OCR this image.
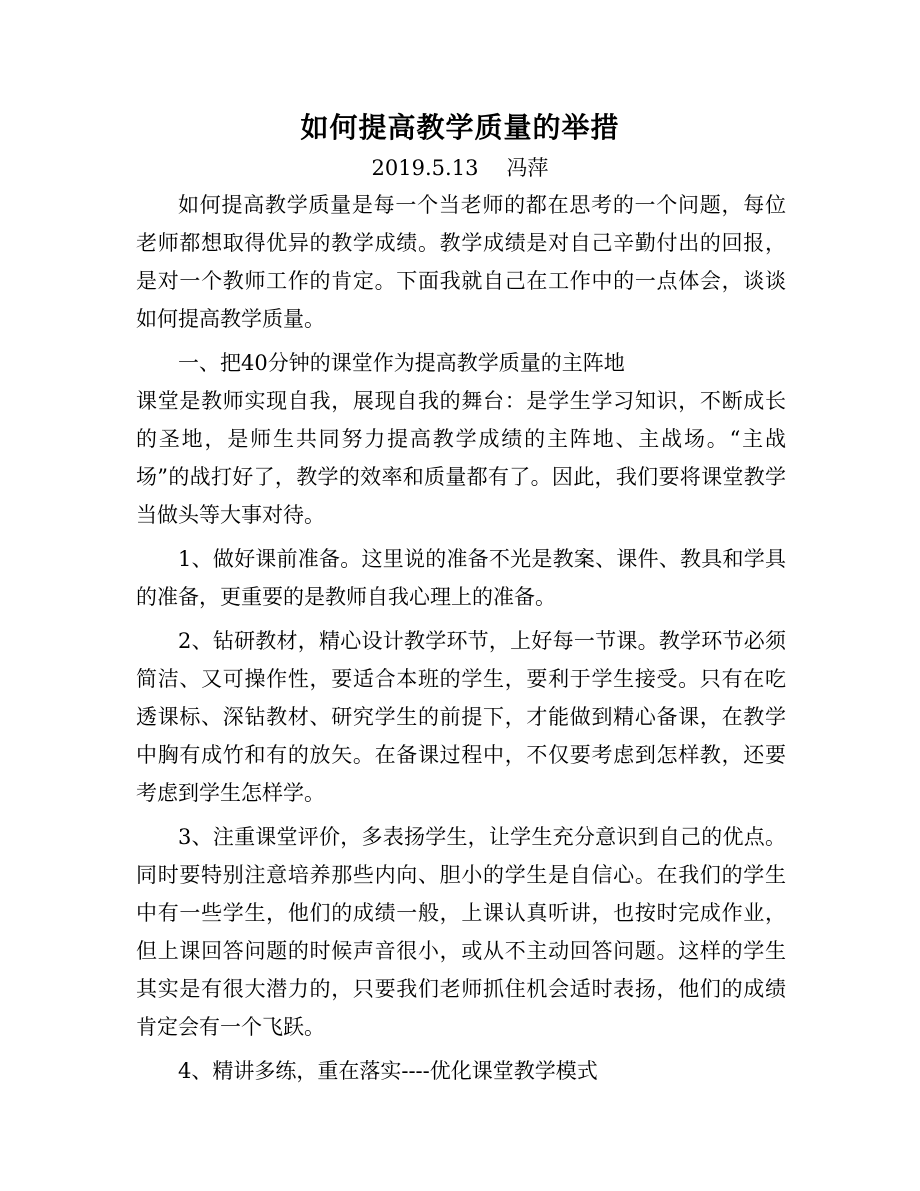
如何提高教学质量的举措
2019.5.13 冯萍

如何提高教学质量是每一个当老师的都在思考的一个问题，每位老师都想取得优异的教学成绩。教学成绩是对自己辛勤付出的回报，是对一个教师工作的肯定。下面我就自己在工作中的一点体会，谈谈如何提高教学质量。

一、把40分钟的课堂作为提高教学质量的主阵地

课堂是教师实现自我，展现自我的舞台：是学生学习知识，不断成长的圣地，是师生共同努力提高教学成绩的主阵地、主战场。“主战场”的战打好了，教学的效率和质量都有了。因此，我们要将课堂教学当做头等大事对待。

1、做好课前准备。这里说的准备不光是教案、课件、教具和学具的准备，更重要的是教师自我心理上的准备。

2、钻研教材，精心设计教学环节，上好每一节课。教学环节必须简洁、又可操作性，要适合本班的学生，要利于学生接受。只有在吃透课标、深钻教材、研究学生的前提下，才能做到精心备课，在教学中胸有成竹和有的放矢。在备课过程中，不仅要考虑到怎样教，还要考虑到学生怎样学。

3、注重课堂评价，多表扬学生，让学生充分意识到自己的优点。同时要特别注意培养那些内向、胆小的学生是自信心。在我们的学生中有一些学生，他们的成绩一般，上课认真听讲，也按时完成作业，但上课回答问题的时候声音很小，或从不主动回答问题。这样的学生其实是有很大潜力的，只要我们老师抓住机会适时表扬，他们的成绩肯定会有一个飞跃。

4、精讲多练，重在落实----优化课堂教学模式
